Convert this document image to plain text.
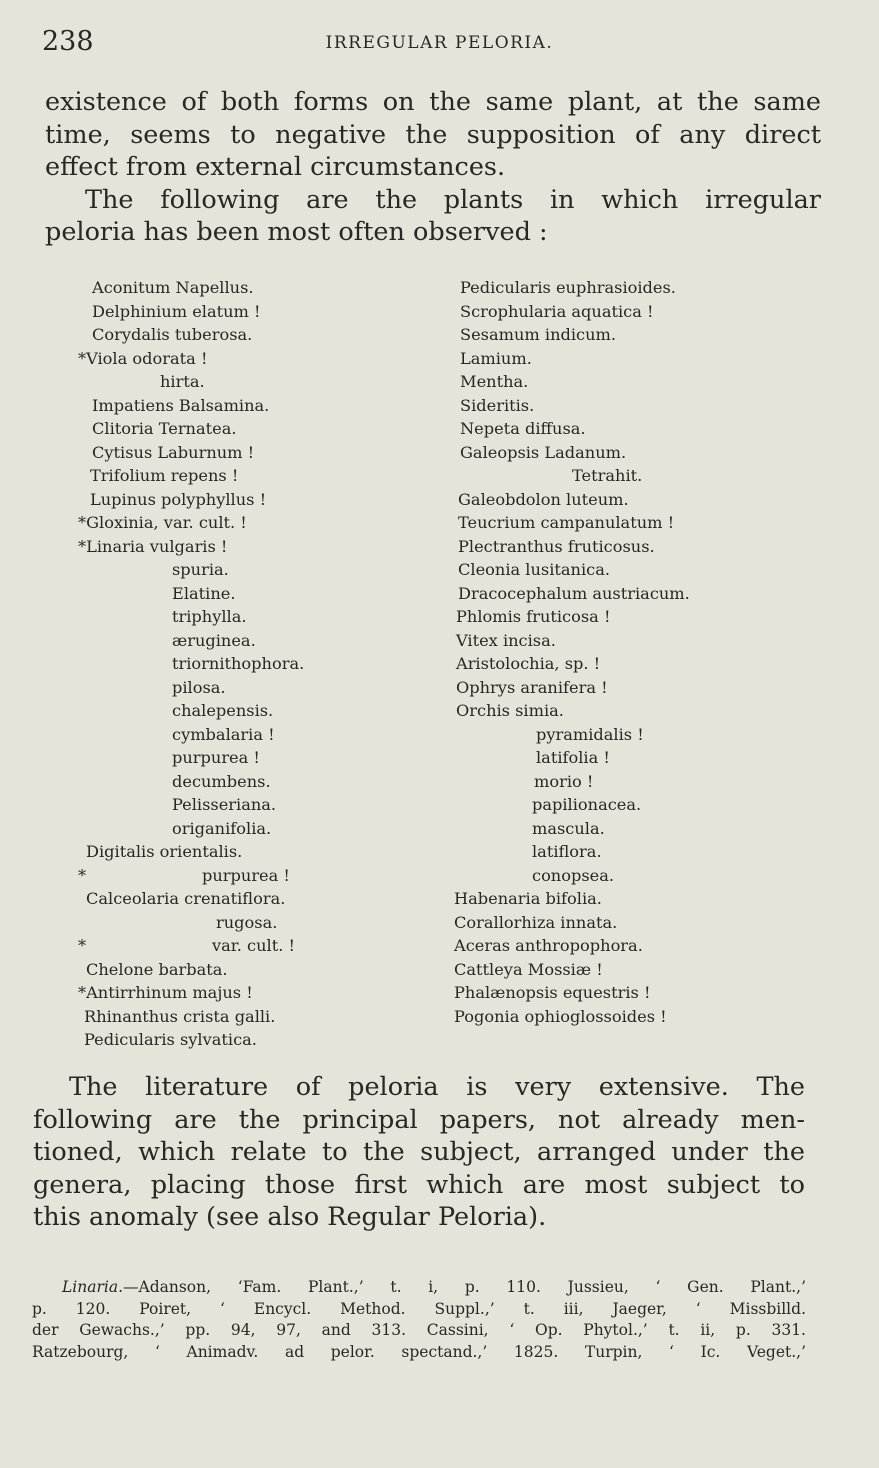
238	IRREGULAR PELORIA.
existence of both forms on the same plant, at the same
time, seems to negative the supposition of any direct
effect from external circumstances.
The following are the plants in which irregular
peloria has been most often observed :
Aconitum Napellus.
Delphinium elatum !
Corydalis tuberosa.
*Viola odorata !
hirta.
Impatiens Balsamina.
Clitoria Ternatea.
Cytisus Laburnum !
Trifolium repens !
Lupinus polyphyllus !
*Gloxinia, var. cult. !
*Linaria vulgaris !
spuria.
Elatine.
triphylla.
æruginea.
triornithophora.
pilosa.
chalepensis.
cymbalaria !
purpurea !
decumbens.
Pelisseriana.
origanifolia.
Digitalis orientalis.
*	purpurea !
Calceolaria crenatiflora.
rugosa.
*	var. cult. !
Chelone barbata.
*Antirrhinum majus !
Rhinanthus crista galli.
Pedicularis sylvatica.
Pedicularis euphrasioides.
Scrophularia aquatica !
Sesamum indicum.
Lamium.
Mentha.
Sideritis.
Nepeta diffusa.
Galeopsis Ladanum.
Tetrahit.
Galeobdolon luteum.
Teucrium campanulatum !
Plectranthus fruticosus.
Cleonia lusitanica.
Dracocephalum austriacum.
Phlomis fruticosa !
Vitex incisa.
Aristolochia, sp. !
Ophrys aranifera !
Orchis simia.
pyramidalis !
latifolia !
morio !
papilionacea.
mascula.
latiflora.
conopsea.
Habenaria bifolia.
Corallorhiza innata.
Aceras anthropophora.
Cattleya Mossiæ !
Phalænopsis equestris !
Pogonia ophioglossoides !
The literature of peloria is very extensive. The
following are the principal papers, not already men-
tioned, which relate to the subject, arranged under the
genera, placing those first which are most subject to
this anomaly (see also Regular Peloria).
Linaria.—Adanson, ‘Fam. Plant.,’ t. i, p. 110. Jussieu, ‘ Gen. Plant.,’
p. 120. Poiret, ‘ Encycl. Method. Suppl.,’ t. iii, Jaeger, ‘ Missbilld.
der Gewachs.,’ pp. 94, 97, and 313. Cassini, ‘ Op. Phytol.,’ t. ii, p. 331.
Ratzebourg, ‘ Animadv. ad pelor. spectand.,’ 1825. Turpin, ‘ Ic. Veget.,’
